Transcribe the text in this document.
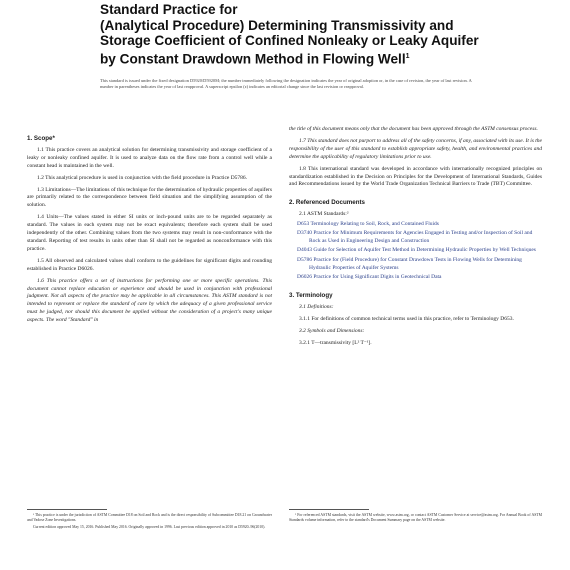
Standard Practice for
(Analytical Procedure) Determining Transmissivity and
Storage Coefficient of Confined Nonleaky or Leaky Aquifer
by Constant Drawdown Method in Flowing Well$^1$
This standard is issued under the fixed designation D5920/D5920M; the number immediately following the designation indicates the year of original adoption or, in the case of revision, the year of last revision. A number in parentheses indicates the year of last reapproval. A superscript epsilon (ε) indicates an editorial change since the last revision or reapproval.
1. Scope*

1.1 This practice covers an analytical solution for determining transmissivity and storage coefficient of a leaky or nonleaky confined aquifer. It is used to analyze data on the flow rate from a control well while a constant head is maintained in the well.

1.2 This analytical procedure is used in conjunction with the field procedure in Practice D5786.

1.3 Limitations—The limitations of this technique for the determination of hydraulic properties of aquifers are primarily related to the correspondence between field situation and the simplifying assumption of the solution.

1.4 Units—The values stated in either SI units or inch-pound units are to be regarded separately as standard. The values in each system may not be exact equivalents; therefore each system shall be used independently of the other. Combining values from the two systems may result in non-conformance with the standard. Reporting of test results in units other than SI shall not be regarded as nonconformance with this practice.

1.5 All observed and calculated values shall conform to the guidelines for significant digits and rounding established in Practice D6026.

1.6 This practice offers a set of instructions for performing one or more specific operations. This document cannot replace education or experience and should be used in conjunction with professional judgment. Not all aspects of the practice may be applicable in all circumstances. This ASTM standard is not intended to represent or replace the standard of care by which the adequacy of a given professional service must be judged, nor should this document be applied without the consideration of a project's many unique aspects. The word "Standard" in

¹ This practice is under the jurisdiction of ASTM Committee D18 on Soil and Rock and is the direct responsibility of Subcommittee D18.21 on Groundwater and Vadose Zone Investigations.

Current edition approved May 15, 2016. Published May 2016. Originally approved in 1996. Last previous edition approved in 2010 as D5920–96(2010).

the title of this document means only that the document has been approved through the ASTM consensus process.

1.7 This standard does not purport to address all of the safety concerns, if any, associated with its use. It is the responsibility of the user of this standard to establish appropriate safety, health, and environmental practices and determine the applicability of regulatory limitations prior to use.

1.8 This international standard was developed in accordance with internationally recognized principles on standardization established in the Decision on Principles for the Development of International Standards, Guides and Recommendations issued by the World Trade Organization Technical Barriers to Trade (TBT) Committee.

2. Referenced Documents
2.1 ASTM Standards:²
D653 Terminology Relating to Soil, Rock, and Contained Fluids
D3740 Practice for Minimum Requirements for Agencies Engaged in Testing and/or Inspection of Soil and Rock as Used in Engineering Design and Construction
D4043 Guide for Selection of Aquifer Test Method in Determining Hydraulic Properties by Well Techniques
D5786 Practice for (Field Procedure) for Constant Drawdown Tests in Flowing Wells for Determining Hydraulic Properties of Aquifer Systems
D6026 Practice for Using Significant Digits in Geotechnical Data
3. Terminology

3.1 Definitions:

3.1.1 For definitions of common technical terms used in this practice, refer to Terminology D653.

3.2 Symbols and Dimensions:

3.2.1 T—transmissivity [L² T⁻¹].

² For referenced ASTM standards, visit the ASTM website, www.astm.org, or contact ASTM Customer Service at service@astm.org. For Annual Book of ASTM Standards volume information, refer to the standard's Document Summary page on the ASTM website.
